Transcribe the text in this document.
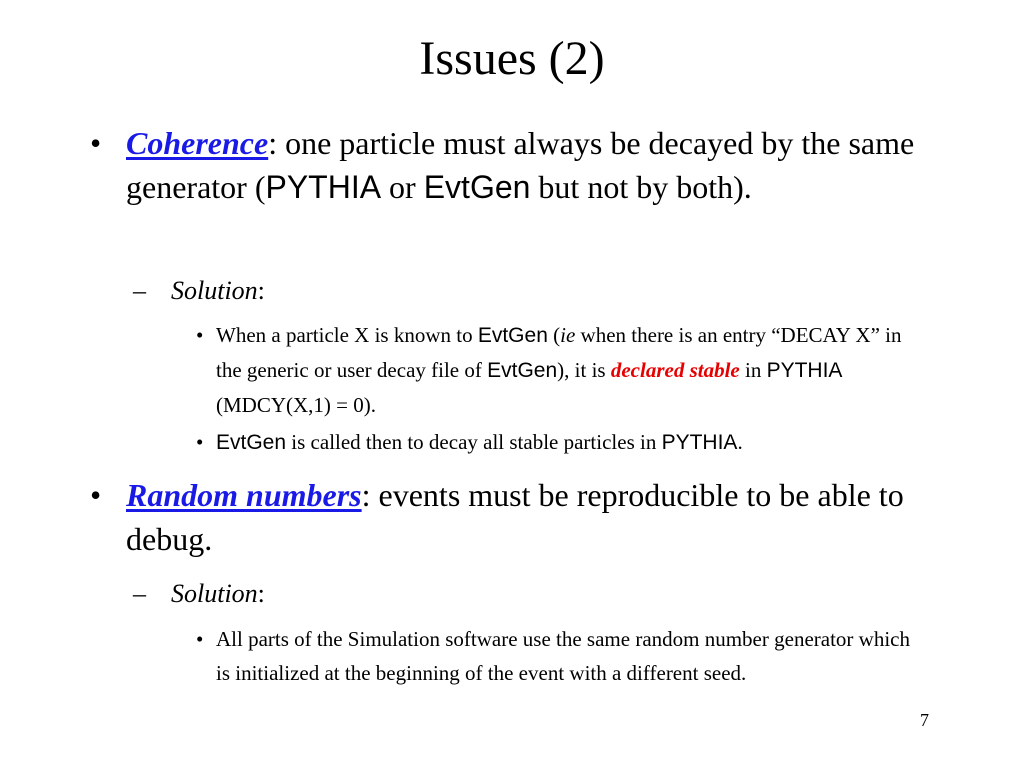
Issues (2)
• Coherence: one particle must always be decayed by the same generator (PYTHIA or EvtGen but not by both).
– Solution:
• When a particle X is known to EvtGen (ie when there is an entry “DECAY X” in the generic or user decay file of EvtGen), it is declared stable in PYTHIA (MDCY(X,1) = 0).
• EvtGen is called then to decay all stable particles in PYTHIA.
• Random numbers: events must be reproducible to be able to debug.
– Solution:
• All parts of the Simulation software use the same random number generator which is initialized at the beginning of the event with a different seed.
7
